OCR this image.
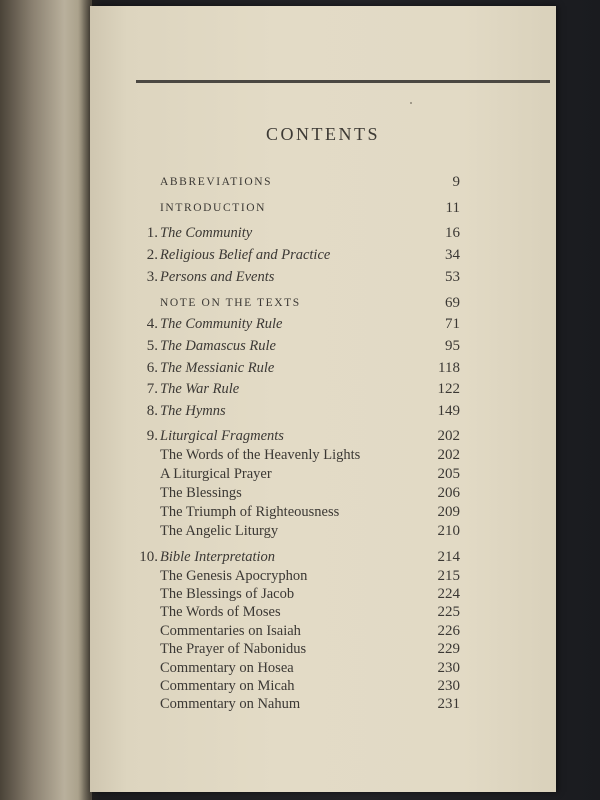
CONTENTS
ABBREVIATIONS	9
INTRODUCTION	11
1. The Community	16
2. Religious Belief and Practice	34
3. Persons and Events	53
NOTE ON THE TEXTS	69
4. The Community Rule	71
5. The Damascus Rule	95
6. The Messianic Rule	118
7. The War Rule	122
8. The Hymns	149
9. Liturgical Fragments	202
The Words of the Heavenly Lights	202
A Liturgical Prayer	205
The Blessings	206
The Triumph of Righteousness	209
The Angelic Liturgy	210
10. Bible Interpretation	214
The Genesis Apocryphon	215
The Blessings of Jacob	224
The Words of Moses	225
Commentaries on Isaiah	226
The Prayer of Nabonidus	229
Commentary on Hosea	230
Commentary on Micah	230
Commentary on Nahum	231
